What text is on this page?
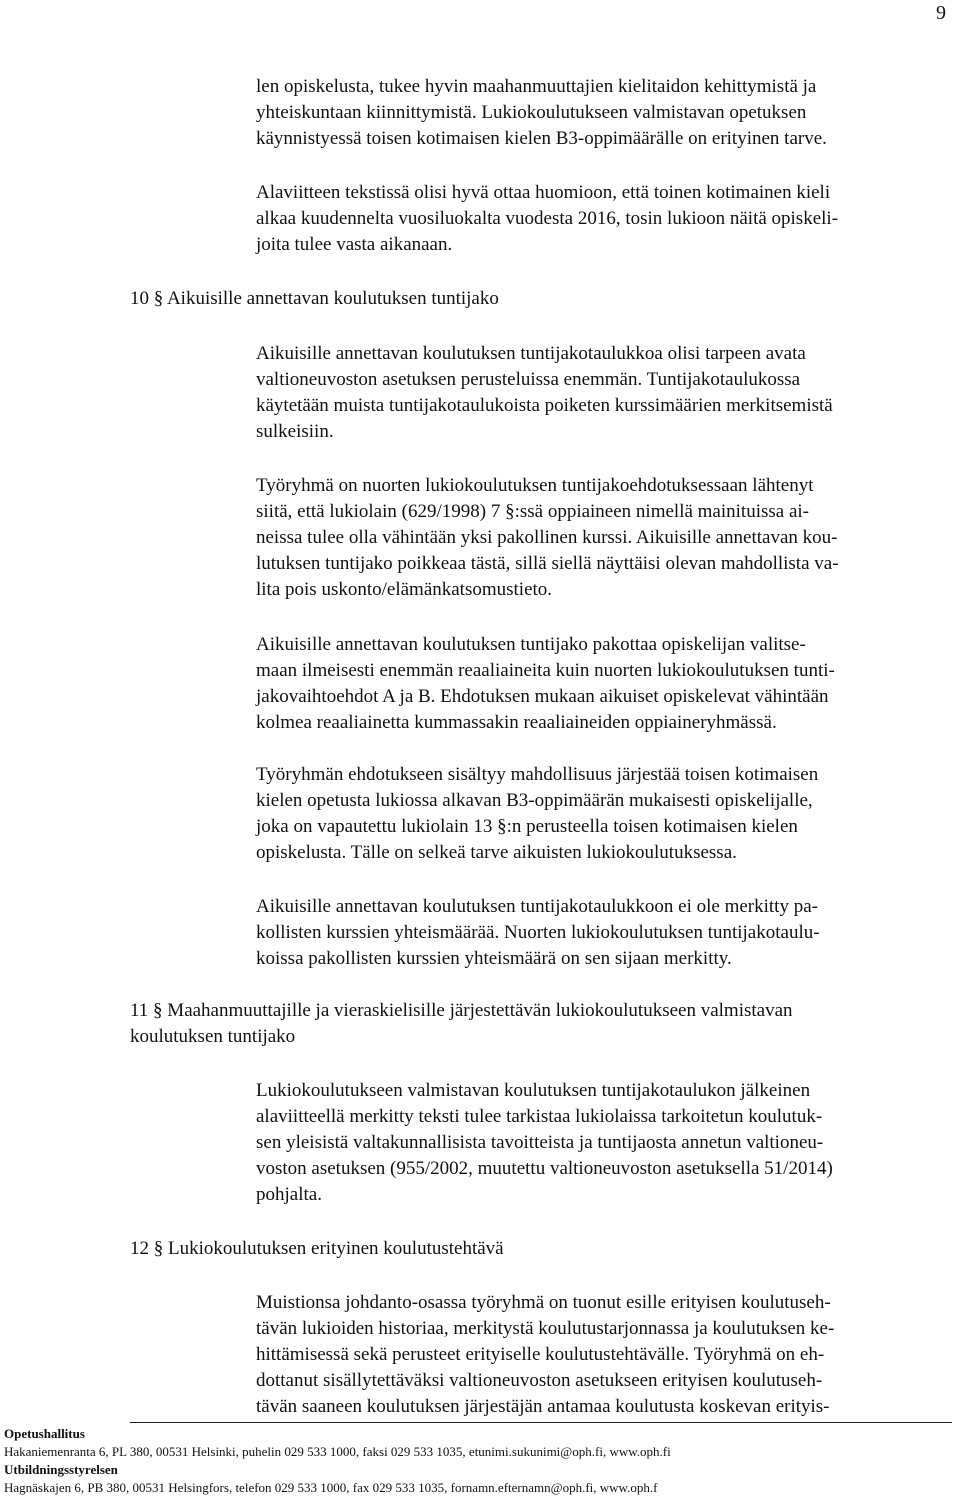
9

len opiskelusta, tukee hyvin maahanmuuttajien kielitaidon kehittymistä ja
yhteiskuntaan kiinnittymistä. Lukiokoulutukseen valmistavan opetuksen
käynnistyessä toisen kotimaisen kielen B3-oppimäärälle on erityinen tarve.

Alaviitteen tekstissä olisi hyvä ottaa huomioon, että toinen kotimainen kieli
alkaa kuudennelta vuosiluokalta vuodesta 2016, tosin lukioon näitä opiskeli-
joita tulee vasta aikanaan.

10 § Aikuisille annettavan koulutuksen tuntijako

Aikuisille annettavan koulutuksen tuntijakotaulukkoa olisi tarpeen avata
valtioneuvoston asetuksen perusteluissa enemmän. Tuntijakotaulukossa
käytetään muista tuntijakotaulukoista poiketen kurssimäärien merkitsemistä
sulkeisiin.

Työryhmä on nuorten lukiokoulutuksen tuntijakoehdotuksessaan lähtenyt
siitä, että lukiolain (629/1998) 7 §:ssä oppiaineen nimellä mainituissa ai-
neissa tulee olla vähintään yksi pakollinen kurssi. Aikuisille annettavan kou-
lutuksen tuntijako poikkeaa tästä, sillä siellä näyttäisi olevan mahdollista va-
lita pois uskonto/elämänkatsomustieto.

Aikuisille annettavan koulutuksen tuntijako pakottaa opiskelijan valitse-
maan ilmeisesti enemmän reaaliaineita kuin nuorten lukiokoulutuksen tunti-
jakovaihtoehdot A ja B. Ehdotuksen mukaan aikuiset opiskelevat vähintään
kolmea reaaliainetta kummassakin reaaliaineiden oppiaineryhmässä.

Työryhmän ehdotukseen sisältyy mahdollisuus järjestää toisen kotimaisen
kielen opetusta lukiossa alkavan B3-oppimäärän mukaisesti opiskelijalle,
joka on vapautettu lukiolain 13 §:n perusteella toisen kotimaisen kielen
opiskelusta. Tälle on selkeä tarve aikuisten lukiokoulutuksessa.

Aikuisille annettavan koulutuksen tuntijakotaulukkoon ei ole merkitty pa-
kollisten kurssien yhteismäärää. Nuorten lukiokoulutuksen tuntijakotaulu-
koissa pakollisten kurssien yhteismäärä on sen sijaan merkitty.

11 § Maahanmuuttajille ja vieraskielisille järjestettävän lukiokoulutukseen valmistavan
koulutuksen tuntijako

Lukiokoulutukseen valmistavan koulutuksen tuntijakotaulukon jälkeinen
alaviitteellä merkitty teksti tulee tarkistaa lukiolaissa tarkoitetun koulutuk-
sen yleisistä valtakunnallisista tavoitteista ja tuntijaosta annetun valtioneu-
voston asetuksen (955/2002, muutettu valtioneuvoston asetuksella 51/2014)
pohjalta.

12 § Lukiokoulutuksen erityinen koulutustehtävä

Muistionsa johdanto-osassa työryhmä on tuonut esille erityisen koulutuseh-
tävän lukioiden historiaa, merkitystä koulutustarjonnassa ja koulutuksen ke-
hittämisessä sekä perusteet erityiselle koulutustehtävälle. Työryhmä on eh-
dottanut sisällytettäväksi valtioneuvoston asetukseen erityisen koulutuseh-
tävän saaneen koulutuksen järjestäjän antamaa koulutusta koskevan erityis-

Opetushallitus
Hakaniemenranta 6, PL 380, 00531 Helsinki, puhelin 029 533 1000, faksi 029 533 1035, etunimi.sukunimi@oph.fi, www.oph.fi
Utbildningsstyrelsen
Hagnäskajen 6, PB 380, 00531 Helsingfors, telefon 029 533 1000, fax 029 533 1035, fornamn.efternamn@oph.fi, www.oph.f
